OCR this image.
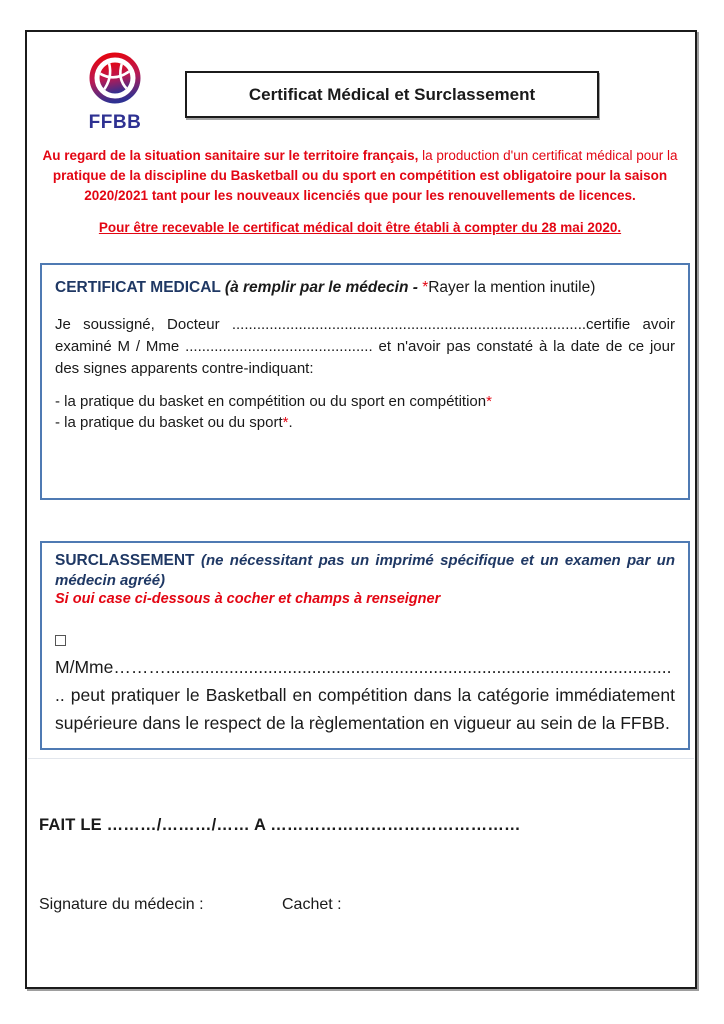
FFBB
Certificat Médical et Surclassement

Au regard de la situation sanitaire sur le territoire français, la production d'un certificat médical pour la pratique de la discipline du Basketball ou du sport en compétition est obligatoire pour la saison 2020/2021 tant pour les nouveaux licenciés que pour les renouvellements de licences.

Pour être recevable le certificat médical doit être établi à compter du 28 mai 2020.

CERTIFICAT MEDICAL (à remplir par le médecin - *Rayer la mention inutile)

Je soussigné, Docteur .....................................................................................certifie avoir examiné M / Mme ............................................. et n'avoir pas constaté à la date de ce jour des signes apparents contre-indiquant:

- la pratique du basket en compétition ou du sport en compétition*
- la pratique du basket ou du sport*.
SURCLASSEMENT (ne nécessitant pas un imprimé spécifique et un examen par un médecin agréé)
Si oui case ci-dessous à cocher et champs à renseigner

M/Mme……….......................................................................................................... peut pratiquer le Basketball en compétition dans la catégorie immédiatement supérieure dans le respect de la règlementation en vigueur au sein de la FFBB.

FAIT LE ………/………/…… A ………………………………………
Signature du médecin :	Cachet :
